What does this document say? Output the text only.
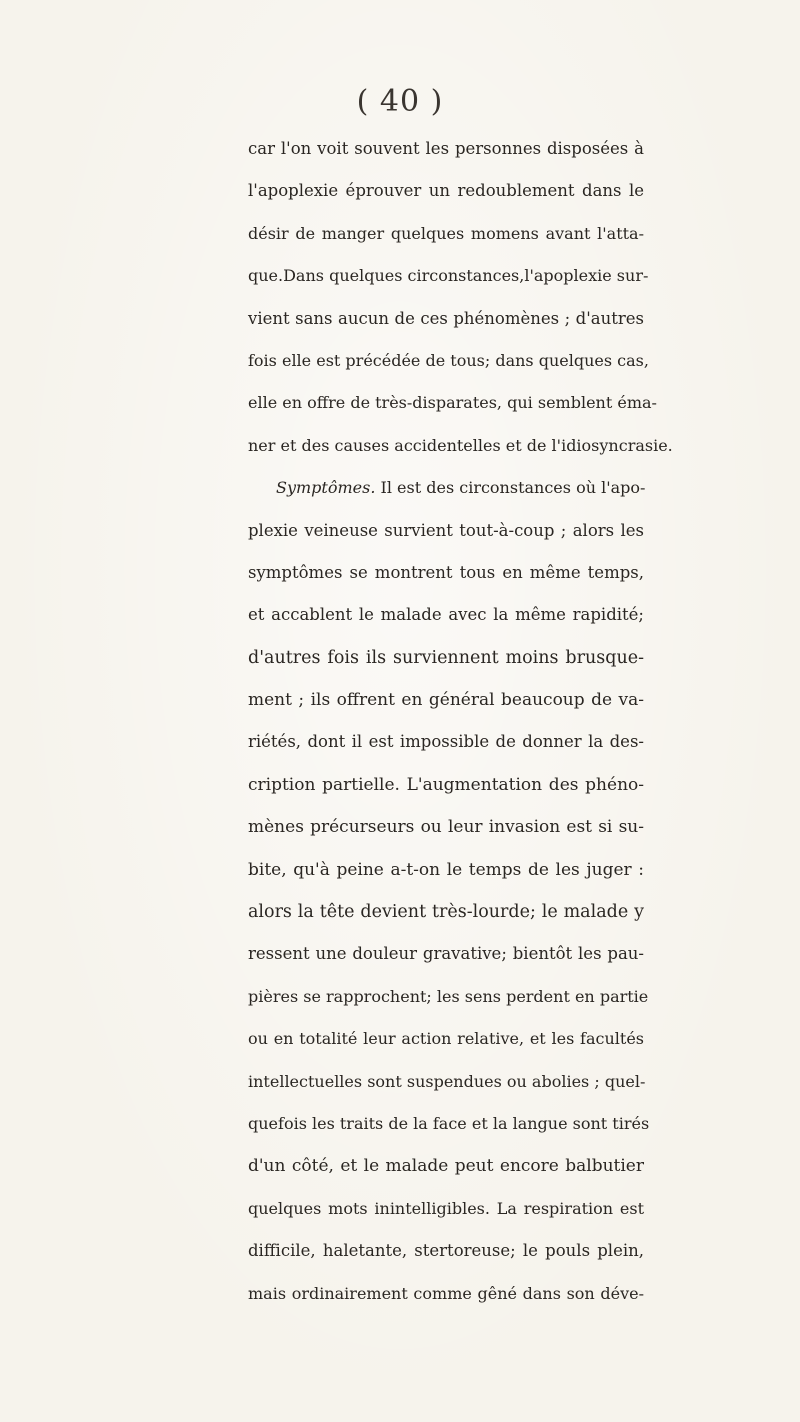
( 40 )
car l'on voit souvent les personnes disposées à
l'apoplexie éprouver un redoublement dans le
désir de manger quelques momens avant l'atta-
que.Dans quelques circonstances,l'apoplexie sur-
vient sans aucun de ces phénomènes ; d'autres
fois elle est précédée de tous; dans quelques cas,
elle en offre de très-disparates, qui semblent éma-
ner et des causes accidentelles et de l'idiosyncrasie.
Symptômes. Il est des circonstances où l'apo-
plexie veineuse survient tout-à-coup ; alors les
symptômes se montrent tous en même temps,
et accablent le malade avec la même rapidité;
d'autres fois ils surviennent moins brusque-
ment ; ils offrent en général beaucoup de va-
riétés, dont il est impossible de donner la des-
cription partielle. L'augmentation des phéno-
mènes précurseurs ou leur invasion est si su-
bite, qu'à peine a-t-on le temps de les juger :
alors la tête devient très-lourde; le malade y
ressent une douleur gravative; bientôt les pau-
pières se rapprochent; les sens perdent en partie
ou en totalité leur action relative, et les facultés
intellectuelles sont suspendues ou abolies ; quel-
quefois les traits de la face et la langue sont tirés
d'un côté, et le malade peut encore balbutier
quelques mots inintelligibles. La respiration est
difficile, haletante, stertoreuse; le pouls plein,
mais ordinairement comme gêné dans son déve-
